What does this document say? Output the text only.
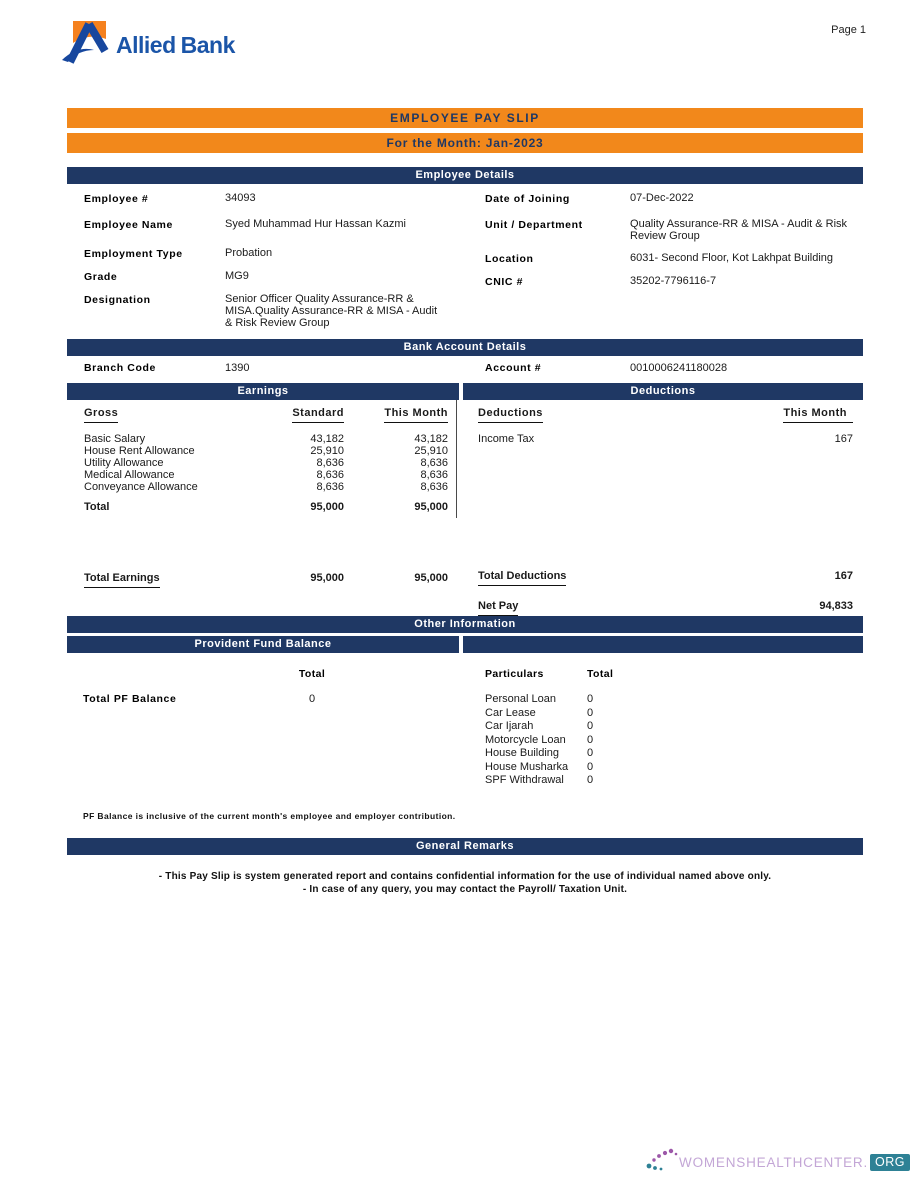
Allied Bank
Page 1
EMPLOYEE PAY SLIP
For the Month: Jan-2023
Employee Details
Employee #	34093
Employee Name	Syed Muhammad Hur Hassan Kazmi
Employment Type	Probation
Grade	MG9
Designation	Senior Officer Quality Assurance-RR & MISA.Quality Assurance-RR & MISA - Audit & Risk Review Group
Date of Joining	07-Dec-2022
Unit / Department	Quality Assurance-RR & MISA - Audit & Risk Review Group
Location	6031- Second Floor, Kot Lakhpat Building
CNIC #	35202-7796116-7
Bank Account Details
Branch Code	1390	Account #	0010006241180028
Earnings	Deductions
Gross	Standard	This Month
Basic Salary	43,182	43,182
House Rent Allowance	25,910	25,910
Utility Allowance	8,636	8,636
Medical Allowance	8,636	8,636
Conveyance Allowance	8,636	8,636
Total	95,000	95,000
Total Earnings	95,000	95,000
Deductions	This Month
Income Tax	167
Total Deductions	167
Net Pay	94,833
Other Information
Provident Fund Balance
Total
Total PF Balance	0
Particulars	Total
Personal Loan	0
Car Lease	0
Car Ijarah	0
Motorcycle Loan	0
House Building	0
House Musharka	0
SPF Withdrawal	0
PF Balance is inclusive of the current month's employee and employer contribution.
General Remarks
- This Pay Slip is system generated report and contains confidential information for the use of individual named above only.
- In case of any query, you may contact the Payroll/ Taxation Unit.
WOMENSHEALTHCENTER. ORG
